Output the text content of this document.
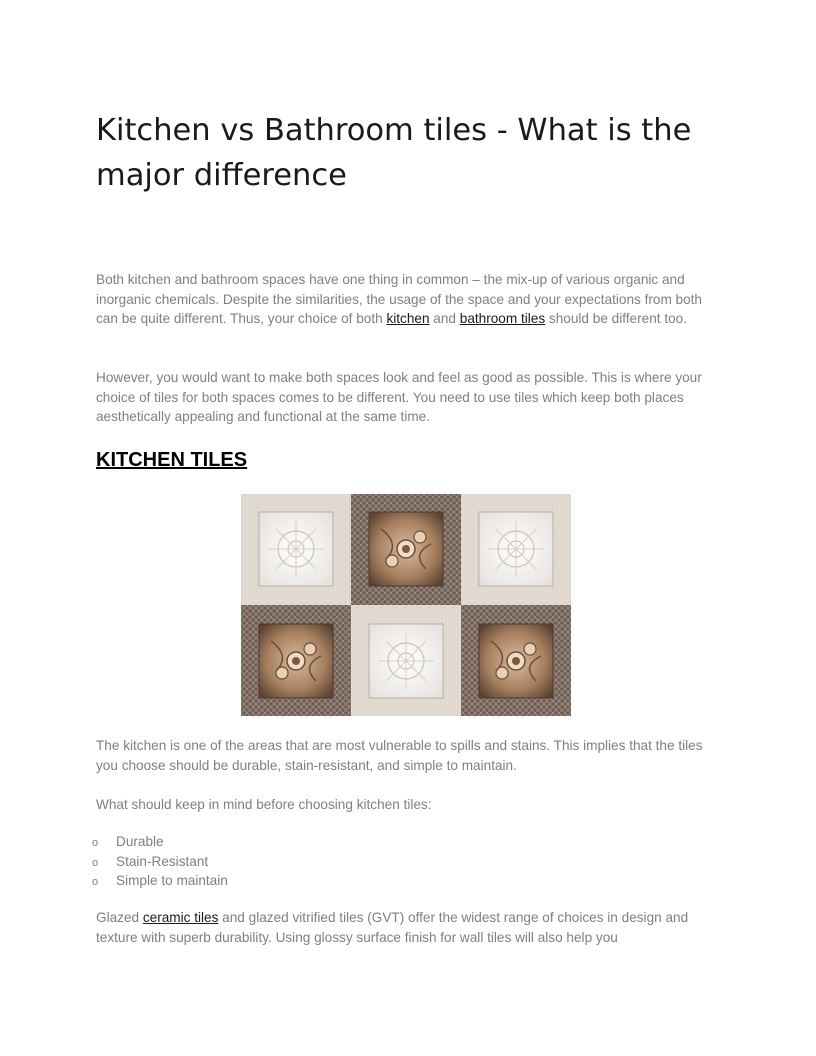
Kitchen vs Bathroom tiles - What is the major difference

Both kitchen and bathroom spaces have one thing in common – the mix-up of various organic and inorganic chemicals. Despite the similarities, the usage of the space and your expectations from both can be quite different. Thus, your choice of both kitchen and bathroom tiles should be different too.

However, you would want to make both spaces look and feel as good as possible. This is where your choice of tiles for both spaces comes to be different. You need to use tiles which keep both places aesthetically appealing and functional at the same time.

KITCHEN TILES

The kitchen is one of the areas that are most vulnerable to spills and stains. This implies that the tiles you choose should be durable, stain-resistant, and simple to maintain.

What should keep in mind before choosing kitchen tiles:

o Durable
o Stain-Resistant
o Simple to maintain

Glazed ceramic tiles and glazed vitrified tiles (GVT) offer the widest range of choices in design and texture with superb durability. Using glossy surface finish for wall tiles will also help you
